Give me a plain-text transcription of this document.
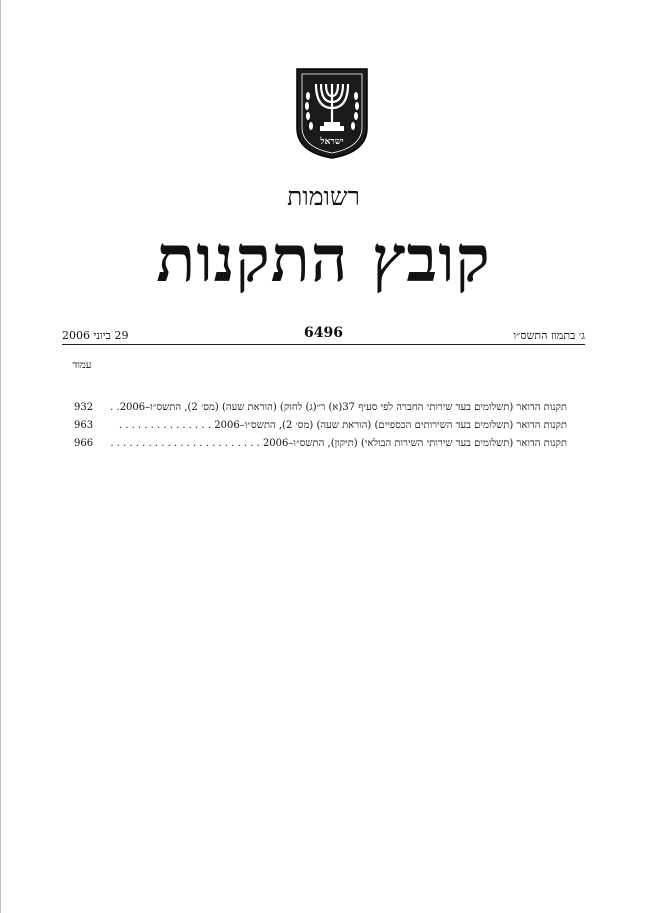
ישראל
רשומות
קובץ התקנות
ג׳ בתמוז התשס״ו
6496
29 ביוני 2006
עמוד
תקנות הדואר (תשלומים בעד שירותי החברה לפי סעיף 37(א) ר״(ג) לחוק) (הוראת שעה) (מס׳ 2), התשס״ו–2006. .
932
תקנות הדואר (תשלומים בעד השירותים הכספיים) (הוראת שעה) (מס׳ 2), התשס״ו–2006 . . . . . . . . . . . . . . .
963
תקנות הדואר (תשלומים בעד שירותי השירות הבולאי) (תיקון), התשס״ו–2006 . . . . . . . . . . . . . . . . . . . . . . . .
966
